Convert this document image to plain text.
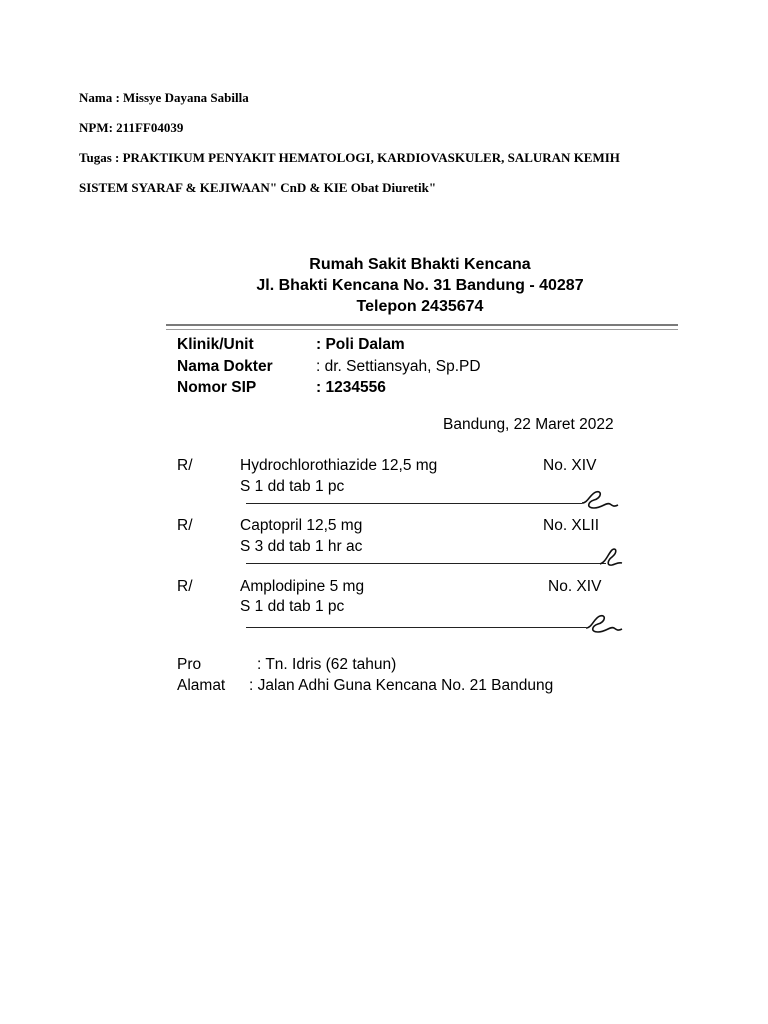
Nama : Missye Dayana Sabilla
NPM: 211FF04039
Tugas : PRAKTIKUM PENYAKIT HEMATOLOGI, KARDIOVASKULER, SALURAN KEMIH
SISTEM SYARAF & KEJIWAAN" CnD & KIE Obat Diuretik"
Rumah Sakit Bhakti Kencana
Jl. Bhakti Kencana No. 31 Bandung - 40287
Telepon 2435674
Klinik/Unit	: Poli Dalam
Nama Dokter	: dr. Settiansyah, Sp.PD
Nomor SIP	: 1234556
Bandung, 22 Maret 2022
R/	Hydrochlorothiazide 12,5 mg	No. XIV
S 1 dd tab 1 pc
R/	Captopril 12,5 mg	No. XLII
S 3 dd tab 1 hr ac
R/	Amplodipine 5 mg	No. XIV
S 1 dd tab 1 pc
Pro	: Tn. Idris (62 tahun)
Alamat : Jalan Adhi Guna Kencana No. 21 Bandung
